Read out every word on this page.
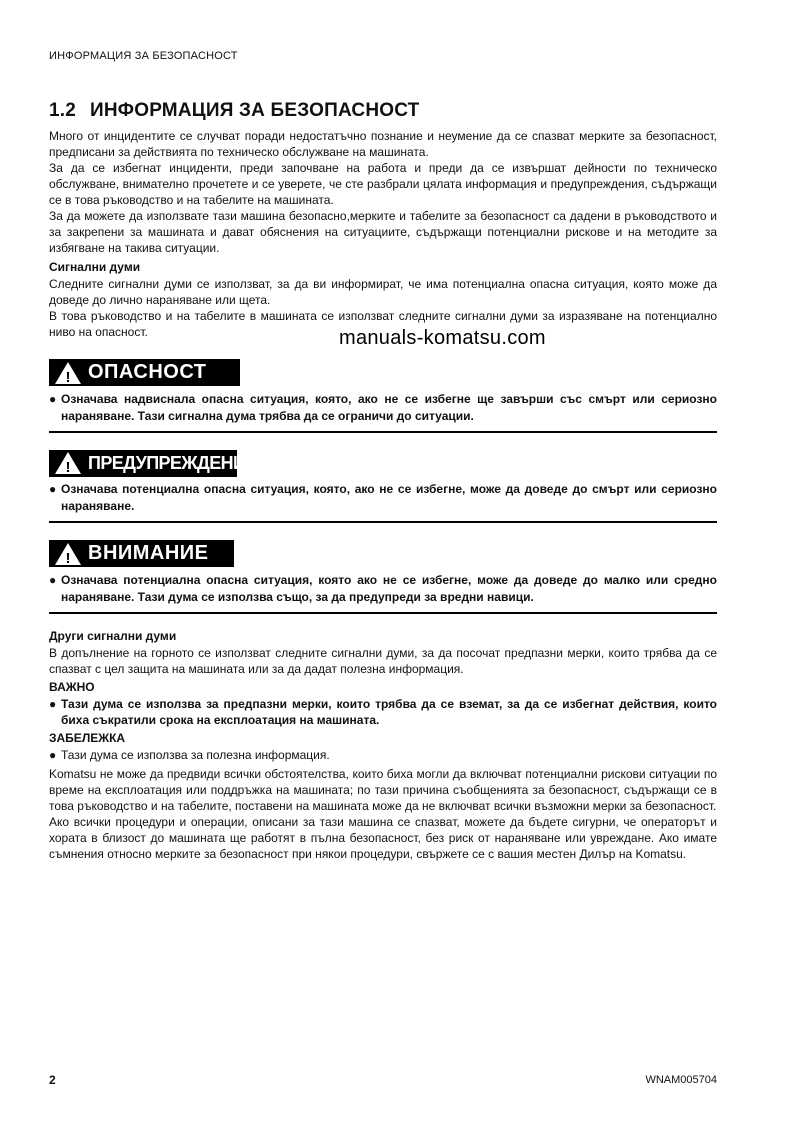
ИНФОРМАЦИЯ ЗА БЕЗОПАСНОСТ
manuals-komatsu.com
1.2 ИНФОРМАЦИЯ ЗА БЕЗОПАСНОСТ

Много от инцидентите се случват поради недостатъчно познание и неумение да се спазват мерките за безопасност, предписани за действията по техническо обслужване на машината.

За да се избегнат инциденти, преди започване на работа и преди да се извършат дейности по техническо обслужване, внимателно прочетете и се уверете, че сте разбрали цялата информация и предупреждения, съдържащи се в това ръководство и на табелите на машината.

За да можете да използвате тази машина безопасно,мерките и табелите за безопасност са дадени в ръководството и за закрепени за машината и дават обяснения на ситуациите, съдържащи потенциални рискове и на методите за избягване на такива ситуации.

Сигнални думи

Следните сигнални думи се използват, за да ви информират, че има потенциална опасна ситуация, която може да доведе до лично нараняване или щета.

В това ръководство и на табелите в машината се използват следните сигнални думи за изразяване на потенциално ниво на опасност.

! ОПАСНОСТ
● Означава надвиснала опасна ситуация, която, ако не се избегне ще завърши със смърт или сериозно нараняване. Тази сигнална дума трябва да се ограничи до ситуации.
! ПРЕДУПРЕЖДЕНИЕ
● Означава потенциална опасна ситуация, която, ако не се избегне, може да доведе до смърт или сериозно нараняване.
! ВНИМАНИЕ
● Означава потенциална опасна ситуация, която ако не се избегне, може да доведе до малко или средно нараняване. Тази дума се използва също, за да предупреди за вредни навици.
Други сигнални думи

В допълнение на горното се използват следните сигнални думи, за да посочат предпазни мерки, които трябва да се спазват с цел защита на машината или за да дадат полезна информация.

ВАЖНО
● Тази дума се използва за предпазни мерки, които трябва да се вземат, за да се избегнат действия, които биха съкратили срока на експлоатация на машината.
ЗАБЕЛЕЖКА
● Тази дума се използва за полезна информация.

Komatsu не може да предвиди всички обстоятелства, които биха могли да включват потенциални рискови ситуации по време на експлоатация или поддръжка на машината; по тази причина съобщенията за безопасност, съдържащи се в това ръководство и на табелите, поставени на машината може да не включват всички възможни мерки за безопасност.

Ако всички процедури и операции, описани за тази машина се спазват, можете да бъдете сигурни, че операторът и хората в близост до машината ще работят в пълна безопасност, без риск от нараняване или увреждане. Ако имате съмнения относно мерките за безопасност при някои процедури, свържете се с вашия местен Дилър на Komatsu.

2	WNAM005704
